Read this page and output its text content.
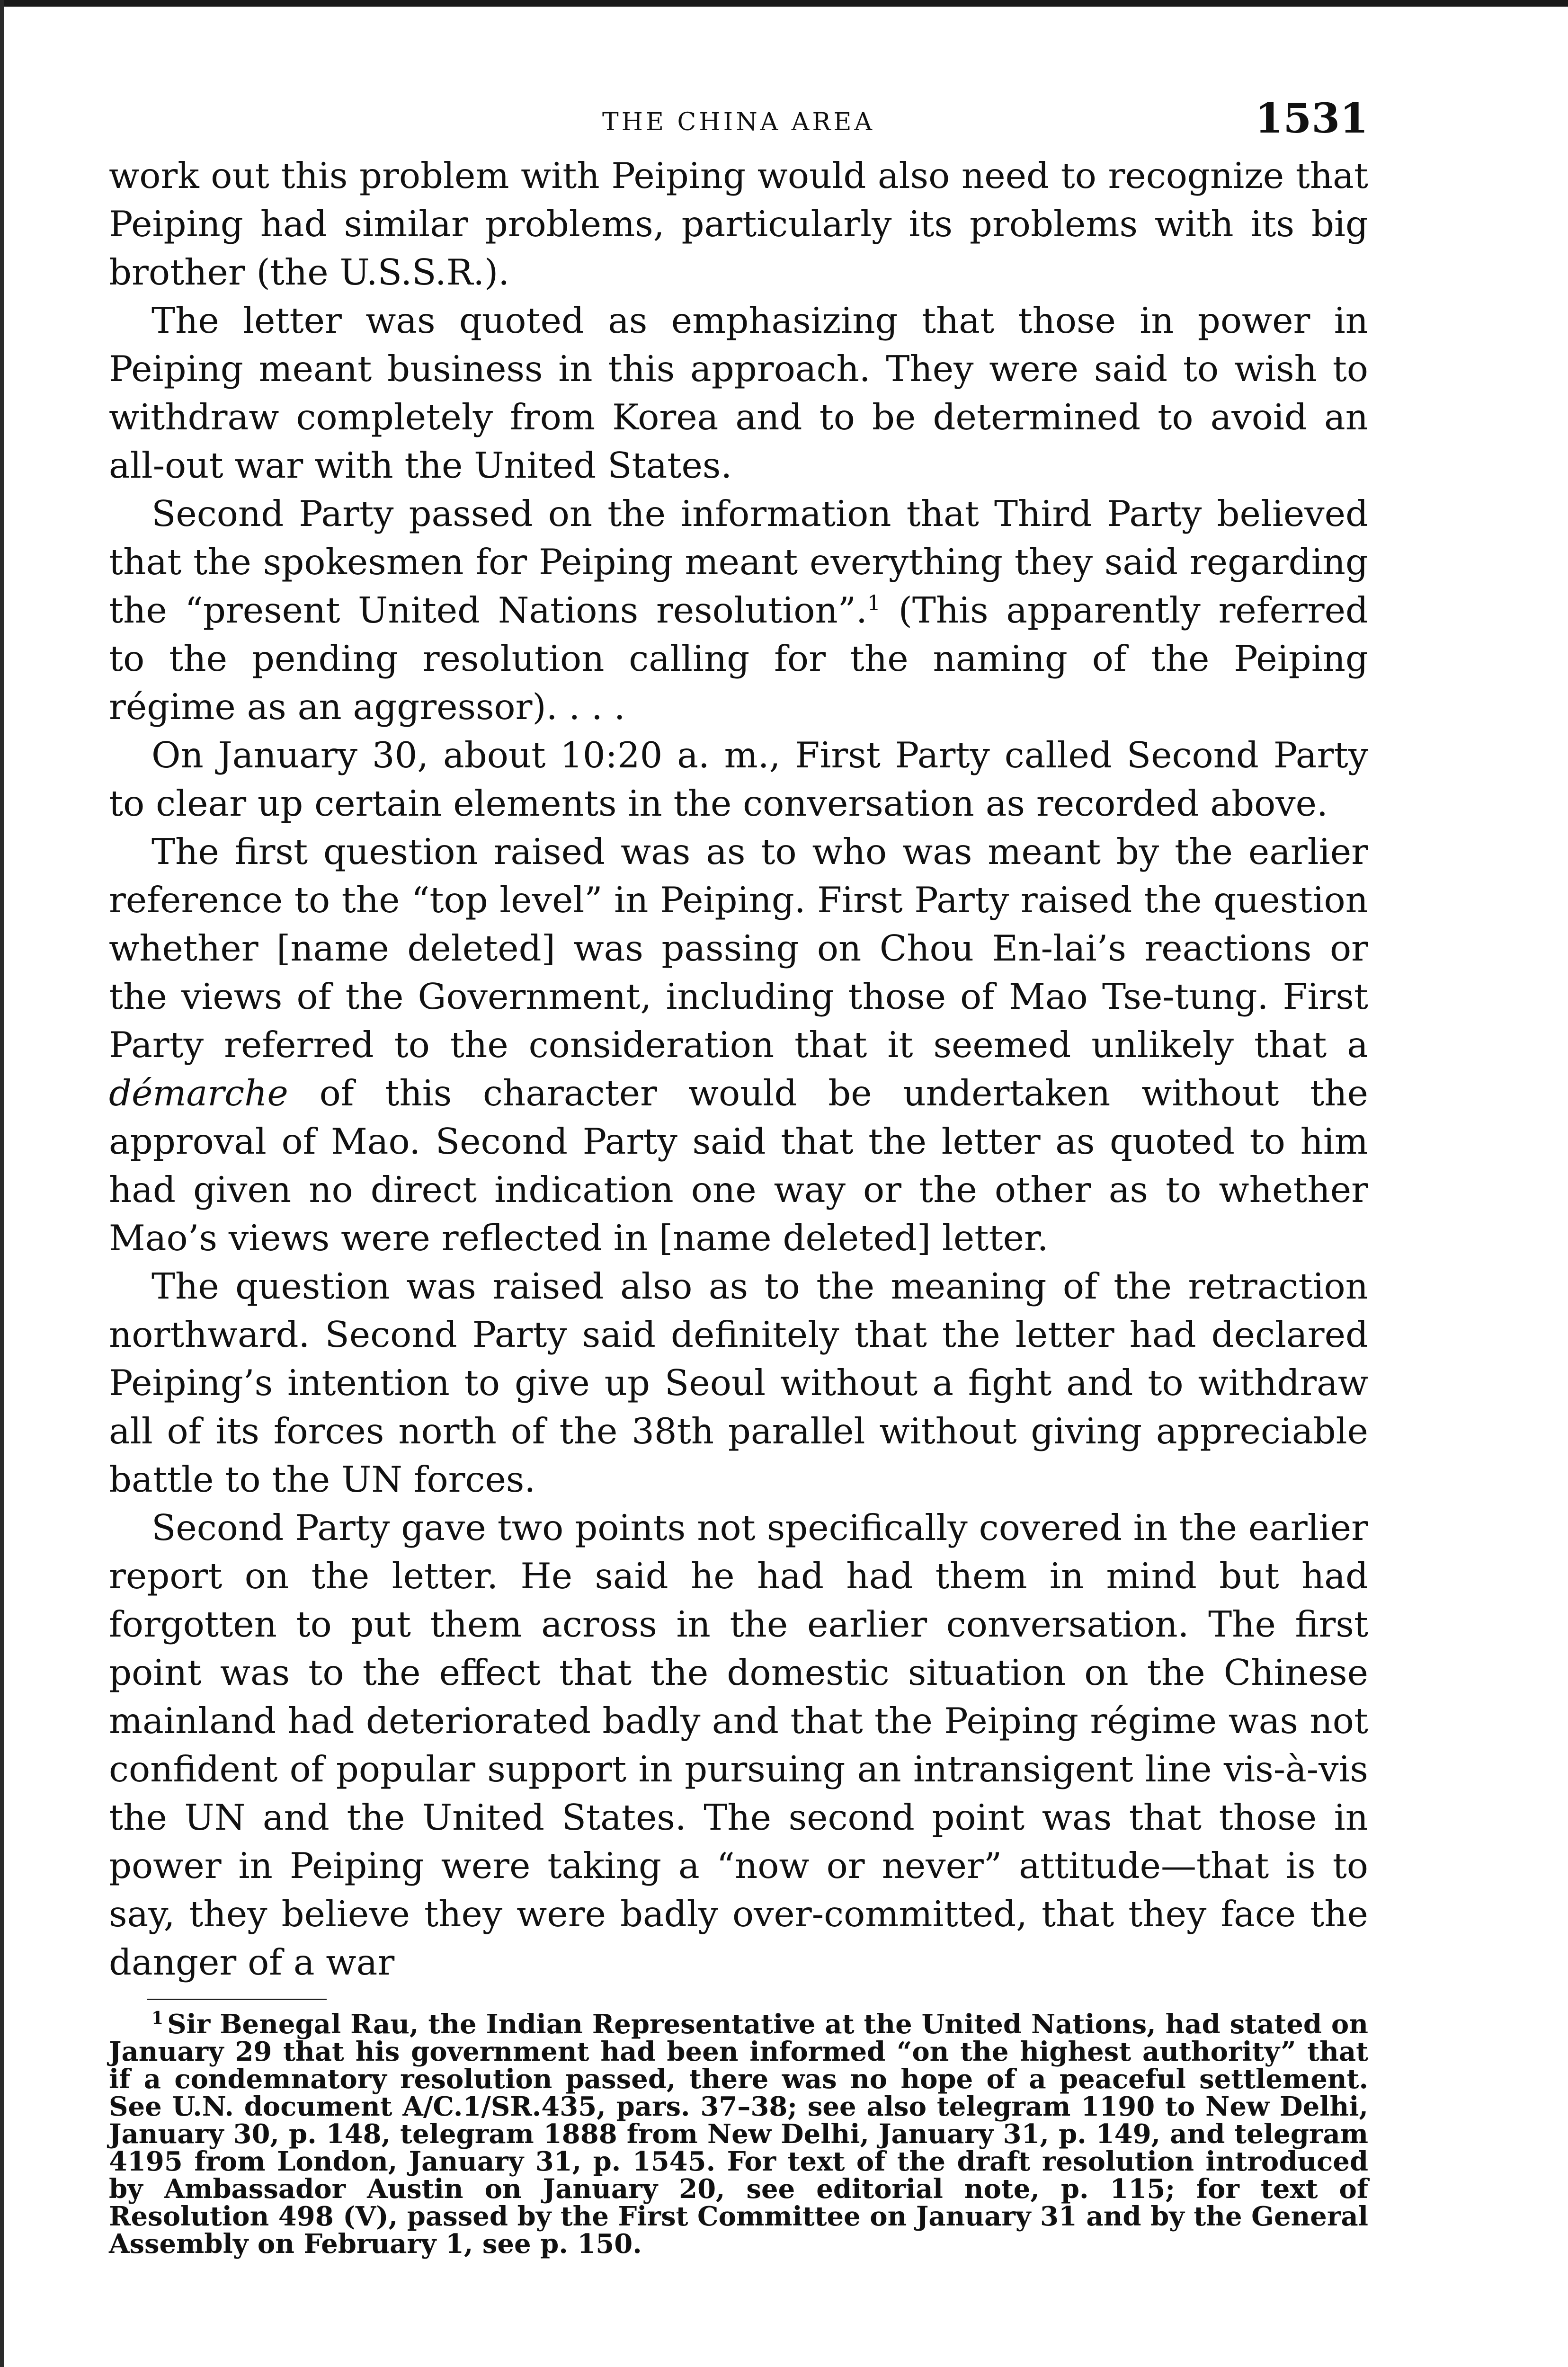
THE CHINA AREA	1531

work out this problem with Peiping would also need to recognize that Peiping had similar problems, particularly its problems with its big brother (the U.S.S.R.).

The letter was quoted as emphasizing that those in power in Peiping meant business in this approach. They were said to wish to withdraw completely from Korea and to be determined to avoid an all-out war with the United States.

Second Party passed on the information that Third Party believed that the spokesmen for Peiping meant everything they said regarding the “present United Nations resolution”.$^1$ (This apparently referred to the pending resolution calling for the naming of the Peiping régime as an aggressor). . . .

On January 30, about 10:20 a. m., First Party called Second Party to clear up certain elements in the conversation as recorded above.

The first question raised was as to who was meant by the earlier reference to the “top level” in Peiping. First Party raised the question whether [name deleted] was passing on Chou En-lai’s reactions or the views of the Government, including those of Mao Tse-tung. First Party referred to the consideration that it seemed unlikely that a démarche of this character would be undertaken without the approval of Mao. Second Party said that the letter as quoted to him had given no direct indication one way or the other as to whether Mao’s views were reflected in [name deleted] letter.

The question was raised also as to the meaning of the retraction northward. Second Party said definitely that the letter had declared Peiping’s intention to give up Seoul without a fight and to withdraw all of its forces north of the 38th parallel without giving appreciable battle to the UN forces.

Second Party gave two points not specifically covered in the earlier report on the letter. He said he had had them in mind but had forgotten to put them across in the earlier conversation. The first point was to the effect that the domestic situation on the Chinese mainland had deteriorated badly and that the Peiping régime was not confident of popular support in pursuing an intransigent line vis-à-vis the UN and the United States. The second point was that those in power in Peiping were taking a “now or never” attitude—that is to say, they believe they were badly over-committed, that they face the danger of a war

$^1$ Sir Benegal Rau, the Indian Representative at the United Nations, had stated on January 29 that his government had been informed “on the highest authority” that if a condemnatory resolution passed, there was no hope of a peaceful settlement. See U.N. document A/C.1/SR.435, pars. 37–38; see also telegram 1190 to New Delhi, January 30, p. 148, telegram 1888 from New Delhi, January 31, p. 149, and telegram 4195 from London, January 31, p. 1545. For text of the draft resolution introduced by Ambassador Austin on January 20, see editorial note, p. 115; for text of Resolution 498 (V), passed by the First Committee on January 31 and by the General Assembly on February 1, see p. 150.
